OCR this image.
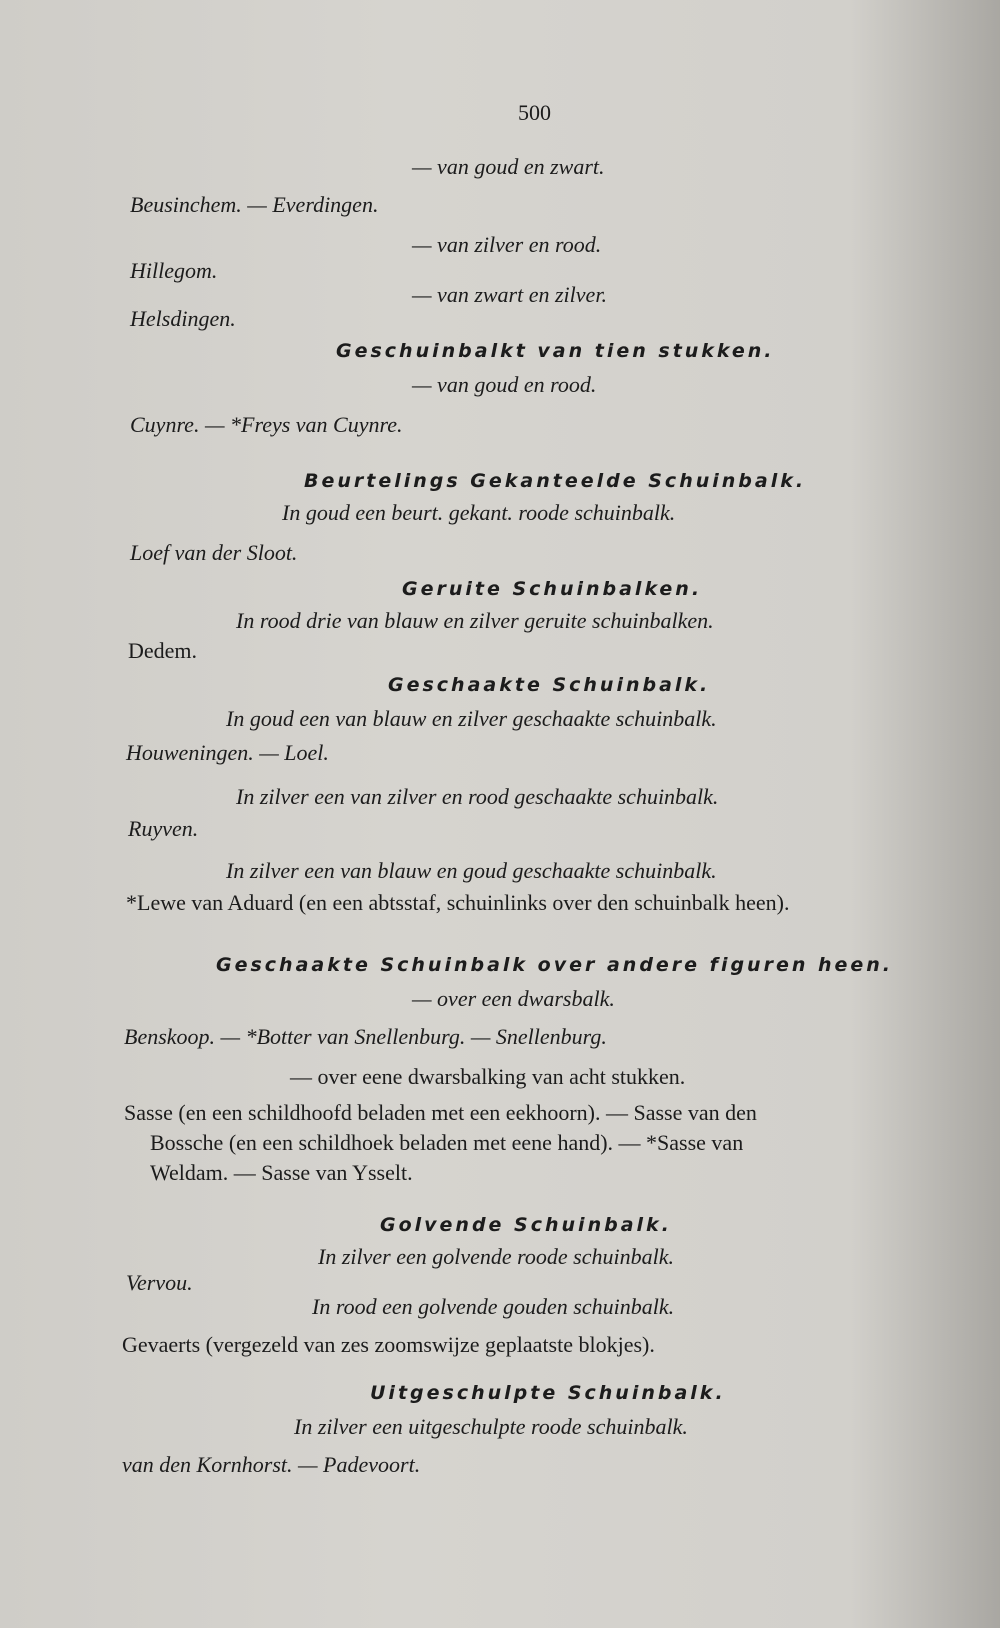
500
— van goud en zwart.
Beusinchem. — Everdingen.
— van zilver en rood.
Hillegom.
— van zwart en zilver.
Helsdingen.
Geschuinbalkt van tien stukken.
— van goud en rood.
Cuynre. — *Freys van Cuynre.
Beurtelings Gekanteelde Schuinbalk.
In goud een beurt. gekant. roode schuinbalk.
Loef van der Sloot.
Geruite Schuinbalken.
In rood drie van blauw en zilver geruite schuinbalken.
Dedem.
Geschaakte Schuinbalk.
In goud een van blauw en zilver geschaakte schuinbalk.
Houweningen. — Loel.
In zilver een van zilver en rood geschaakte schuinbalk.
Ruyven.
In zilver een van blauw en goud geschaakte schuinbalk.
*Lewe van Aduard (en een abtsstaf, schuinlinks over den schuinbalk heen).
Geschaakte Schuinbalk over andere figuren heen.
— over een dwarsbalk.
Benskoop. — *Botter van Snellenburg. — Snellenburg.
— over eene dwarsbalking van acht stukken.
Sasse (en een schildhoofd beladen met een eekhoorn). — Sasse van den
Bossche (en een schildhoek beladen met eene hand). — *Sasse van
Weldam. — Sasse van Ysselt.
Golvende Schuinbalk.
In zilver een golvende roode schuinbalk.
Vervou.
In rood een golvende gouden schuinbalk.
Gevaerts (vergezeld van zes zoomswijze geplaatste blokjes).
Uitgeschulpte Schuinbalk.
In zilver een uitgeschulpte roode schuinbalk.
van den Kornhorst. — Padevoort.
